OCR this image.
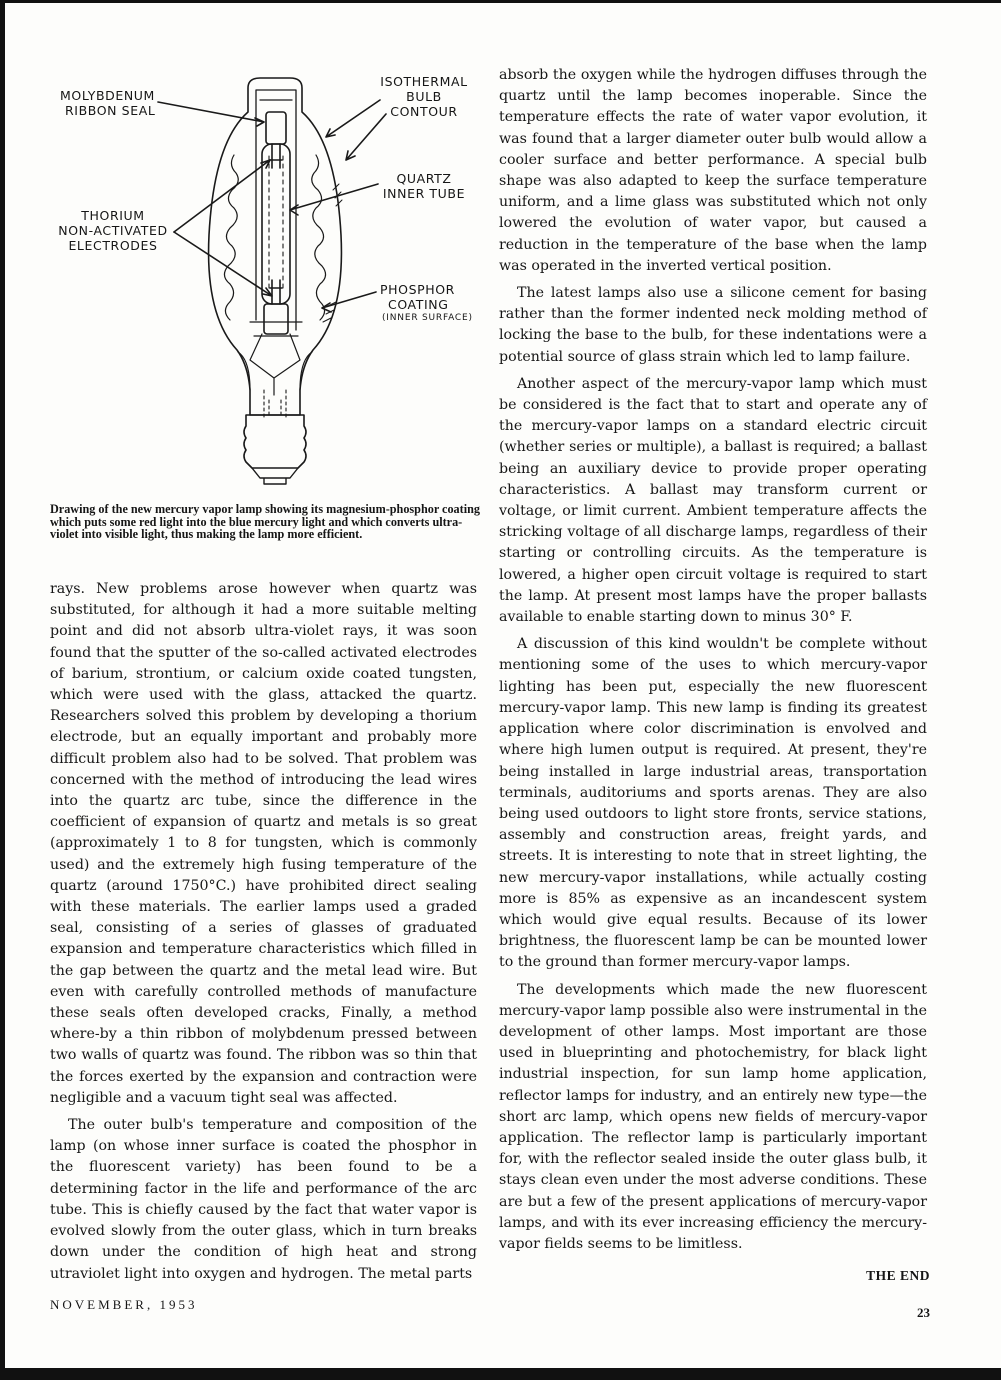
MOLYBDENUM
RIBBON SEAL
ISOTHERMAL
BULB
CONTOUR
QUARTZ
INNER TUBE
THORIUM
NON-ACTIVATED
ELECTRODES
PHOSPHOR
COATING
(INNER SURFACE)
Drawing of the new mercury vapor lamp showing its magnesium-phosphor coating which puts some red light into the blue mercury light and which converts ultra-violet into visible light, thus making the lamp more efficient.

rays. New problems arose however when quartz was substituted, for although it had a more suitable melting point and did not absorb ultra-violet rays, it was soon found that the sputter of the so-called activated electrodes of barium, strontium, or calcium oxide coated tungsten, which were used with the glass, attacked the quartz. Researchers solved this problem by developing a thorium electrode, but an equally important and probably more difficult problem also had to be solved. That problem was concerned with the method of introducing the lead wires into the quartz arc tube, since the difference in the coefficient of expansion of quartz and metals is so great (approximately 1 to 8 for tungsten, which is commonly used) and the extremely high fusing temperature of the quartz (around 1750°C.) have prohibited direct sealing with these materials. The earlier lamps used a graded seal, consisting of a series of glasses of graduated expansion and temperature characteristics which filled in the gap between the quartz and the metal lead wire. But even with carefully controlled methods of manufacture these seals often developed cracks, Finally, a method where-by a thin ribbon of molybdenum pressed between two walls of quartz was found. The ribbon was so thin that the forces exerted by the expansion and contraction were negligible and a vacuum tight seal was affected.

The outer bulb's temperature and composition of the lamp (on whose inner surface is coated the phosphor in the fluorescent variety) has been found to be a determining factor in the life and performance of the arc tube. This is chiefly caused by the fact that water vapor is evolved slowly from the outer glass, which in turn breaks down under the condition of high heat and strong utraviolet light into oxygen and hydrogen. The metal parts

absorb the oxygen while the hydrogen diffuses through the quartz until the lamp becomes inoperable. Since the temperature effects the rate of water vapor evolution, it was found that a larger diameter outer bulb would allow a cooler surface and better performance. A special bulb shape was also adapted to keep the surface temperature uniform, and a lime glass was substituted which not only lowered the evolution of water vapor, but caused a reduction in the temperature of the base when the lamp was operated in the inverted vertical position.

The latest lamps also use a silicone cement for basing rather than the former indented neck molding method of locking the base to the bulb, for these indentations were a potential source of glass strain which led to lamp failure.

Another aspect of the mercury-vapor lamp which must be considered is the fact that to start and operate any of the mercury-vapor lamps on a standard electric circuit (whether series or multiple), a ballast is required; a ballast being an auxiliary device to provide proper operating characteristics. A ballast may transform current or voltage, or limit current. Ambient temperature affects the stricking voltage of all discharge lamps, regardless of their starting or controlling circuits. As the temperature is lowered, a higher open circuit voltage is required to start the lamp. At present most lamps have the proper ballasts available to enable starting down to minus 30° F.

A discussion of this kind wouldn't be complete without mentioning some of the uses to which mercury-vapor lighting has been put, especially the new fluorescent mercury-vapor lamp. This new lamp is finding its greatest application where color discrimination is envolved and where high lumen output is required. At present, they're being installed in large industrial areas, transportation terminals, auditoriums and sports arenas. They are also being used outdoors to light store fronts, service stations, assembly and construction areas, freight yards, and streets. It is interesting to note that in street lighting, the new mercury-vapor installations, while actually costing more is 85% as expensive as an incandescent system which would give equal results. Because of its lower brightness, the fluorescent lamp be can be mounted lower to the ground than former mercury-vapor lamps.

The developments which made the new fluorescent mercury-vapor lamp possible also were instrumental in the development of other lamps. Most important are those used in blueprinting and photochemistry, for black light industrial inspection, for sun lamp home application, reflector lamps for industry, and an entirely new type—the short arc lamp, which opens new fields of mercury-vapor application. The reflector lamp is particularly important for, with the reflector sealed inside the outer glass bulb, it stays clean even under the most adverse conditions. These are but a few of the present applications of mercury-vapor lamps, and with its ever increasing efficiency the mercury-vapor fields seems to be limitless.

THE END
NOVEMBER, 1953
23
